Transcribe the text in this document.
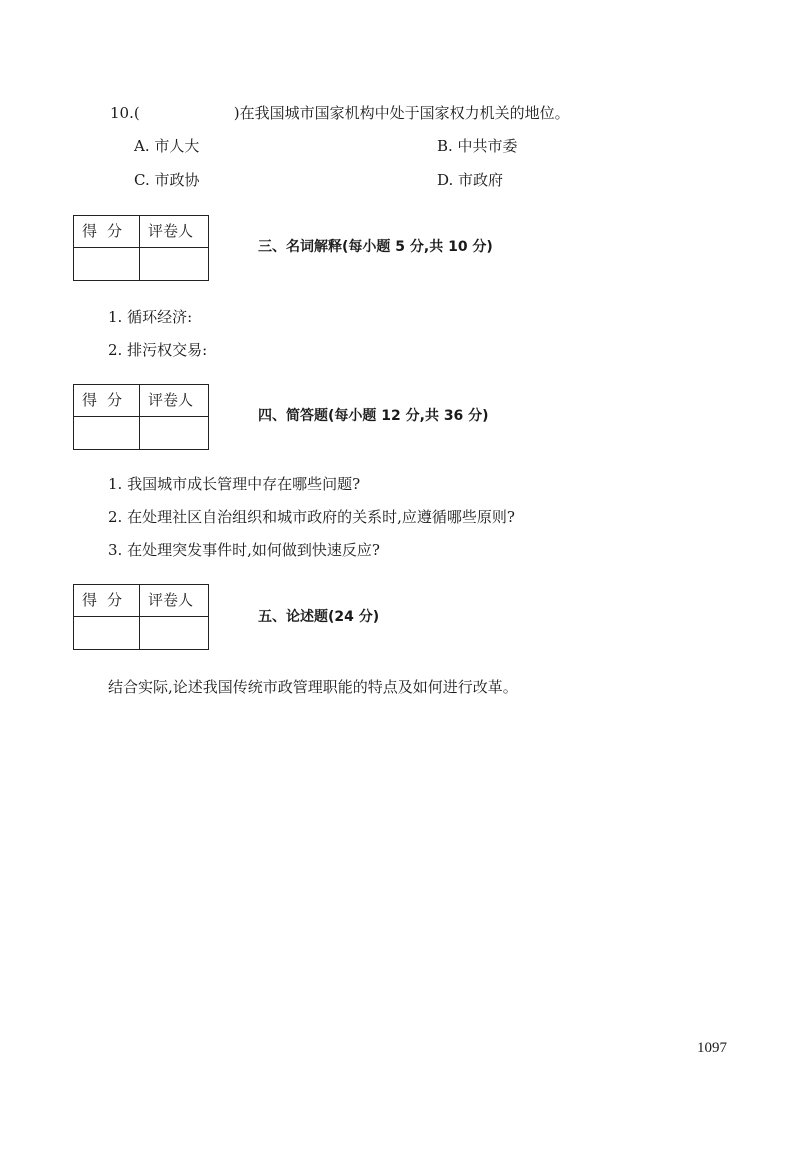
10.(	)在我国城市国家机构中处于国家权力机关的地位。
A. 市人大	B. 中共市委
C. 市政协	D. 市政府
得分 评卷人
三、名词解释(每小题 5 分,共 10 分)
1. 循环经济:
2. 排污权交易:
得分 评卷人
四、简答题(每小题 12 分,共 36 分)
1. 我国城市成长管理中存在哪些问题?
2. 在处理社区自治组织和城市政府的关系时,应遵循哪些原则?
3. 在处理突发事件时,如何做到快速反应?
得分 评卷人
五、论述题(24 分)
结合实际,论述我国传统市政管理职能的特点及如何进行改革。
1097
